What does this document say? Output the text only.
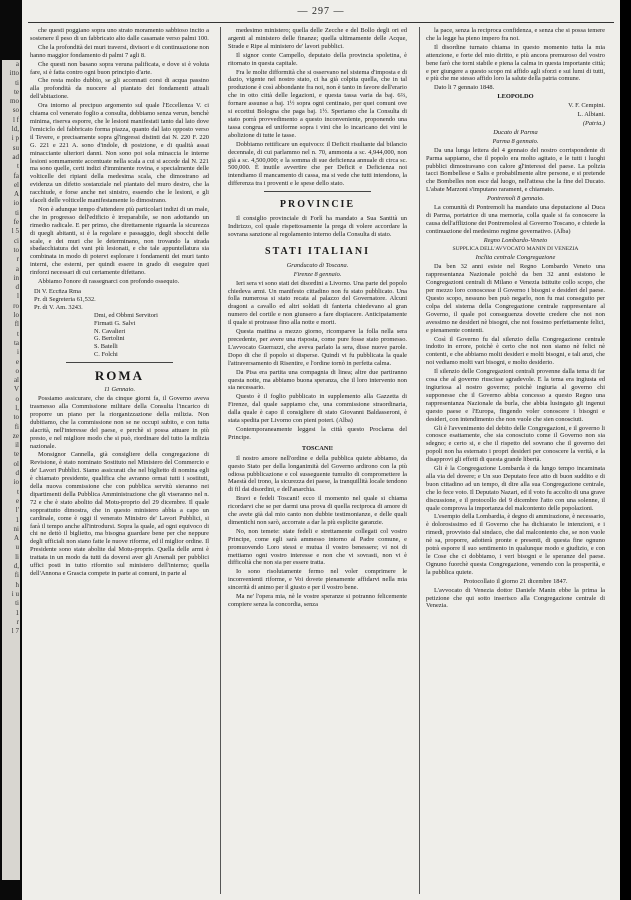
a
itto
ti
te
mo
so
l f
ld,
i p
su
ad
t
fa
el
A
io
ti
fe
l 5
ci
to
r
a
in
d
l
ro
lo
fl
t
ta
i
e
o
al
V
o
l,
to
fi
ze
il
te
ol
d
io
t
e
l'
1
ni
A
u
li
d,
fi
h
i u
ti
1
r
l 7
— 297 —

che questi poggiano sopra uno strato moramento sabbioso incito a sostenere il peso di un fabbricato alto dalle casamaie verso palmi 100.

Che la profondità dei muri traversi, divisori e di continuazione non hanno maggior fondamento di palmi 7 agli 8.

Che questi non basano sopra veruna palificata, e dove si è voluta fare, si è fatta contro ogni buon principio d'arte.

Che resta molto dubbio, se gli accennati corsi di acqua passino alla profondità da nuocere al piantato dei fondamenti attuali dell'abitazione.

Ora intorno al precipuo argomento sul quale l'Eccellenza V. ci chiama col venerato foglio a consulta, dobbiamo senza verun, benchè minima, riserva esporre, che le lesioni manifestati tanto dal lato dove l'emiciclo del fabbricato forma piazza, quanto dal lato opposto verso il Tevere, e precisamente sopra gl'ingressi distinti dai N. 220 F. 220 G. 221 e 221 A. sono d'indole, di posizione, e di qualità assai minacciante ulteriori danni. Non sono poi sola minaccia le interne lesioni sommamente accentuate nella scala a cui si accede dal N. 221 ma sono quelle, certi indizi d'imminente rovina, e specialmente delle volticelle dei ripiani della medesima scala, che dimostrano ad evidenza un difetto sostanziale nel piantato del muro destro, che la racchiude, e forse anche nei sinistro, essendo che le lesioni, e gli sfaceli delle volticelle manifestamente lo dimostrano.

Non è adunque tempo d'attendere più particolari indizi di un male, che in progresso dell'edificio è irreparabile, se non adottando un rimedio radicale. E per primo, che direttamente riguarda la sicurezza di quegli abitanti, si è la regolare e passaggio, degli sbocchi delle scale, e dei muri che le determinano, non trovando la strada sbadacchiatura dei vani più lesionati, e che tale appuntellatura sia combinata in modo di potervi esplorare i fondamenti dei muri tanto interni, che esterni, per quindi essere in grado di eseguire quei rinforzi necessari di cui certamente difettano.

Abbiamo l'onore di rassegnarci con profondo ossequio.

Di V. Eccn̄za Rma
Pr. di Segreteria 61,532.
Pr. di V. Am. 3243.
Dmi, ed Obbmi Servitori
Firmati G. Salvi
N. Cavalieri
G. Bertolini
S. Batelli
C. Folchi

ROMA

11 Gennaio.

Possiamo assicurare, che da cinque giorni fa, il Governo aveva trasmesso alla Commissione militare della Consulta l'incarico di proporre un piano per la riorganizzazione della milizia. Non dubitiamo, che la commissione non se ne occupi subito, e con tutta alacrità, nell'interesse del paese, e perchè si possa attuare in più presto, e nel migliore modo che si può, riordinare del tutto la milizia nazionale.

Monsignor Cannella, già consigliere della congregazione di Revisione, è stato nominato Sostituto nel Ministero del Commercio e de' Lavori Pubblici. Siamo assicurati che nel biglietto di nomina egli è chiamato presidente, qualifica che avranno ormai tutti i sostituti, della nuova commissione che con pubblica servitù sieranno nei dipartimenti della Pubblica Amministrazione che gli viseranno nel n. 72 e che è stato abolito dal Motu-proprio del 29 dicembre. Il quale sopprattutto dimostra, che in questo ministero abbia a capo un cardinale, come è oggi il venerato Ministro de' Lavori Pubblici, si farà il tempo anche all'introdursi. Sopra la quale, ad ogni equivoco di chi ne dettò il biglietto, ma bisogna guardare bene per che neppure degli ufficiali non siano fatte le nuove riforme, ed il miglior ordine. Il Presidente sono state abolite dal Motu-proprio. Quella delle armi è trattata in un modo da tutti da doversi aver gli Arsenali per pubblici uffici posti in tutto rifornito sul ministero dell'interno; quella dell'Annona e Grascia compete in parte ai comuni, in parte al

medesimo ministero; quella delle Zecche e del Bollo degli ori ed argenti al ministero delle finanze; quella ultimamente delle Acque, Strade e Ripe al ministero de' lavori pubblici.

Il signor conte Campello, deputato della provincia spoletina, è ritornato in questa capitale.

Fra le molte difformità che si osservano nel sistema d'imposta e di dazio, vigente nel nostro stato, ci ha già colpita quella, che in tal produzione è così abbondante fra noi, non è tanto in favore dell'erario che in otto città delle legazioni, e questa tassa varia da baj. 6⅔, fornare assunse a baj. 1½ sopra ogni centinaio, per quei comuni ove si eccettui Bologna che paga baj. 1½. Speriamo che la Consulta di stato porrà provvedimento a questo inconveniente, proponendo una tassa congrua ed uniforme sopra i vini che lo incaricano dei vini le abolizione di tutte le tasse.

Dobbiamo rettificare un equivoco: il Deficit risultante dal bilancio decennale, di cui parlammo nel n. 70, ammonta a sc. 4,944,000, non già a sc. 4,500,000; e la somma di sue deficienza annuale di circa sc. 500,000. È inutile avvertire che per Deficit e Deficienza noi intendiamo il mancamento di cassa, ma si vede che tutti intendono, la differenza tra i proventi e le spese dello stato.

PROVINCIE

Il consiglio provinciale di Forlì ha mandato a Sua Santità un Indirizzo, col quale rispettosamente la prega di volere accordare la sovrana sanzione al regolamento interno della Consulta di stato.

STATI ITALIANI

Granducato di Toscana.

Firenze 8 gennaio.

Ieri sera vi sono stati dei disordini a Livorno. Una parte del popolo chiedeva armi. Un manifesto cittadino non fu stato pubblicato. Una folla numerosa si stato recata al palazzo del Governatore. Alcuni dragoni a cavallo ed altri soldati di fanteria chiedevano al gran numero del cortile e non giunsero a fare dispiacere. Anticipatamente il quale si protrasse fino alla notte e morti.

Questa mattina a mezzo giorno, ricomparve la folla nella sera precedente, per avere una risposta, come pure fosse stato promesso. L'avvocato Guerrazzi, che aveva parlato la sera, disse nuove parole. Dopo di che il popolo si disperse. Quindi vi fu pubblicata la quale l'attraversamento di Risentire, e l'ordine tornò in perfetta calma.

Da Pisa era partita una compagnia di linea; altre due partiranno questa notte, ma abbiamo buona speranza, che il loro intervento non sia necessario.

Questo è il foglio pubblicato in supplemento alla Gazzetta di Firenze, dal quale sappiamo che, una commissione straordinaria, dalla quale è capo il consigliere di stato Giovanni Baldasseroni, è stata spedita per Livorno con pieni poteri. (Alba)

Contemporaneamente leggesi la città questo Proclama del Principe.

TOSCANI!

Il nostro amore nell'ordine e della pubblica quiete abbiamo, da questo Stato per della longanimità del Governo ardirono con la più odiosa pubblicazione e col susseguente tumulto di compromettere la Maestà del trono, la sicurezza dei paese, la tranquillità locale tendono di fil dai disordini, e dell'anarchia.

Bravi e fedeli Toscani! ecco il momento nel quale si chiama ricordarvi che se per darmi una prova di quella reciproca di amore di che avete già dal mio canto non dubbie testimonianze, e delle quali dimentichi non sarò, accorrate a dar la più esplicite garanzie.

No, non temete: state fedeli e strettamente collegati col vostro Principe, come egli sarà ammesso intorno al Padre comune, e promuovendo Loro stessi e mutua il vostro benessere; vi noi di mettiamo ogni vostro interesse e non che vi sovrasti, non vi è difficoltà che non sia per essere tratta.

Io sono risolutamente fermo nel voler comprimere le inconvenienti riforme, e Voi dovete pienamente affidarvi nella mia sincerità di animo per il giusto e per il vostro bene.

Ma ne' l'opera mia, nè le vostre speranze si potranno felicemente compiere senza la concordia, senza

la pace, senza la reciproca confidenza, e senza che si possa temere che la legge ha pieno impero fra noi.

Il disordine turnato chiama in questo momento tutta la mia attenzione, e forte del mio diritto, e più ancora premuroso del vostro bene farò che torni stabile e piena la calma in questa importante città; e per giungere a questo scopo mi affido agli sforzi e sui lumi di tutti, e più che me stesso affido loro la salute della patria comune.

Dato li 7 gennaio 1848.

LEOPOLDO

V. F. Cempini.

L. Albiani.

(Patria.)

Ducato di Parma

Parma 8 gennaio.

Da una lunga lettera del 4 gennaio del nostro corrispondente di Parma sappiamo, che il popolo era molto agitato, e le tutti i luoghi pubblici dimostravano con calore gl'interessi del paese. La polizia tacci Bombellese e Salis e probabilmente altre persone, e si pretende che Bombelles non esce dal luogo, nell'attesa che la fine del Ducato. L'abate Marzoni s'imputano rarament, e chiamato.

Pontremoli 8 gennaio.

La comunità di Pontremoli ha mandato una deputazione al Duca di Parma, portatrice di una memoria, colla quale si fa conoscere la causa dell'afflizione dei Pontremolesi al Governo Toscano, e chiede la continuazione del medesimo regime governativo. (Alba)

Regno Lombardo-Veneto

SUPPLICA DELL'AVVOCATO MANIN DI VENEZIA

Inclita centrale Congregazione

Da ben 32 anni esiste nel Regno Lombardo Veneto una rappresentanza Nazionale poichè da ben 32 anni esistono le Congregazioni centrali di Milano e Venezia istituite collo scopo, che per mezzo loro conoscesse il Governo i bisogni e desideri del paese. Questo scopo, nessuno ben può negarlo, non fu mai conseguito per colpa del sistema della Congregazione centrale rappresentare al Governo, il quale poi conseguenza dovette credere che noi non avessimo ne desideri nè bisogni, che noi fossimo perfettamente felici, e pienamente contenti.

Così il Governo fu dal silenzio della Congregazione centrale indotto in errore, poichè è certo che noi non siamo nè felici nè contenti, e che abbiamo molti desideri e molti bisogni, e tali anzi, che noi vediamo molti vari bisogni, e molto desiderio.

Il silenzio delle Congregazioni centrali provenne dalla tema di far cosa che al governo riuscisse sgradevole. E la tema era ingiusta ed ingiuriosa al nostro governo; poichè ingiuria al governo chi supponesse che il Governo abbia concesso a questo Regno una rappresentanza Nazionale da burla, che abbia lusingato gli ingenui questo paese e l'Europa, fingendo voler conoscere i bisogni e desideri, con intendimento che non vuole che sien conosciuti.

Gli è l'avvenimento del debito delle Congregazioni, e il governo li conosce esattamente, che sia conosciuto come il Governo non sia sdegno; e certo si, e che il rispetto del sovrano che il governo dei popoli non ha esternato i propri desideri per conoscere la verità, e la disapprovi gli effetti di questa grande libertà.

Gli è la Congregazione Lombarda è da lungo tempo incaminata alla via del dovere; e Un suo Deputato fece atto di buon suddito e di buon cittadino ad un tempo, di dire alla sua Congregazione centrale, che lo fece voto. Il Deputato Nazari, ed il voto fu accolto di una grave discussione, e il protocollo del 9 dicembre l'atto con una solenne, il quale comprova la importanza del malcontento delle popolazioni.

L'esempio della Lombardia, è degno di ammirazione, è necessario, è dolorosissimo ed il Governo che ha dichiarato le intenzioni, e i rimedi, provvisto dal sindaco, che dal malcontento che, se non vuole nè sa, proporre, adotterà pronte e presenti, di questa fine ognuno potrà esporre il suo sentimento in qualunque modo e giudizio, e con le Cose che ci dobbiamo, i veri bisogni e le speranze del paese. Ognuno fuorchè questa Congregazione, venendo con la prosperità, e la pubblica quiete.

Protocollato il giorno 21 dicembre 1847.

L'avvocato di Venezia dottor Daniele Manin ebbe la prima la petizione che qui sotto inserisco alla Congregazione centrale di Venezia.
